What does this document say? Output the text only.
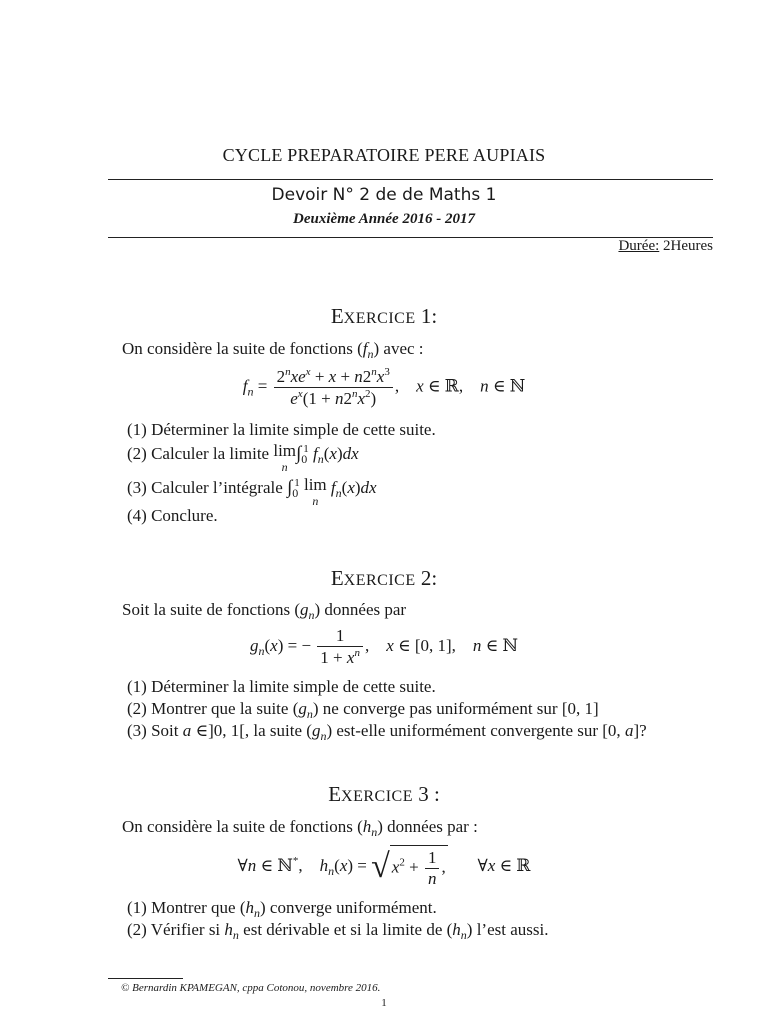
CYCLE PREPARATOIRE PERE AUPIAIS
Devoir N° 2 de de Maths 1
Deuxième Année 2016 - 2017
Durée: 2Heures
EXERCICE 1:
On considère la suite de fonctions $(f_n)$ avec :
$f_n = \frac{2^nxe^x + x + n2^nx^3}{e^x(1 + n2^nx^2)}$ ,    x ∈ ℝ,    n ∈ ℕ
(1) Déterminer la limite simple de cette suite.
(2) Calculer la limite lim
n
$\int_0^1$ $f_n(x)dx$
(3) Calculer l’intégrale $\int_0^1$ lim
n
$f_n(x)dx$
(4) Conclure.
EXERCICE 2:
Soit la suite de fonctions $(g_n)$ données par
$g_n(x)$ = − $\frac{1}{1 + x^n}$ ,    x ∈ [0, 1],    n ∈ ℕ
(1) Déterminer la limite simple de cette suite.
(2) Montrer que la suite $(g_n)$ ne converge pas uniformément sur [0, 1]
(3) Soit a ∈]0, 1[, la suite $(g_n)$ est-elle uniformément convergente sur [0, a]?
EXERCICE 3 :
On considère la suite de fonctions $(h_n)$ données par :
∀n ∈ ℕ*,    $h_n(x)$ = √ $x^2 + \frac{1}{n}$ ,       ∀x ∈ ℝ
(1) Montrer que $(h_n)$ converge uniformément.
(2) Vérifier si $h_n$ est dérivable et si la limite de $(h_n)$ l’est aussi.
© Bernardin KPAMEGAN, cppa Cotonou, novembre 2016.
1
